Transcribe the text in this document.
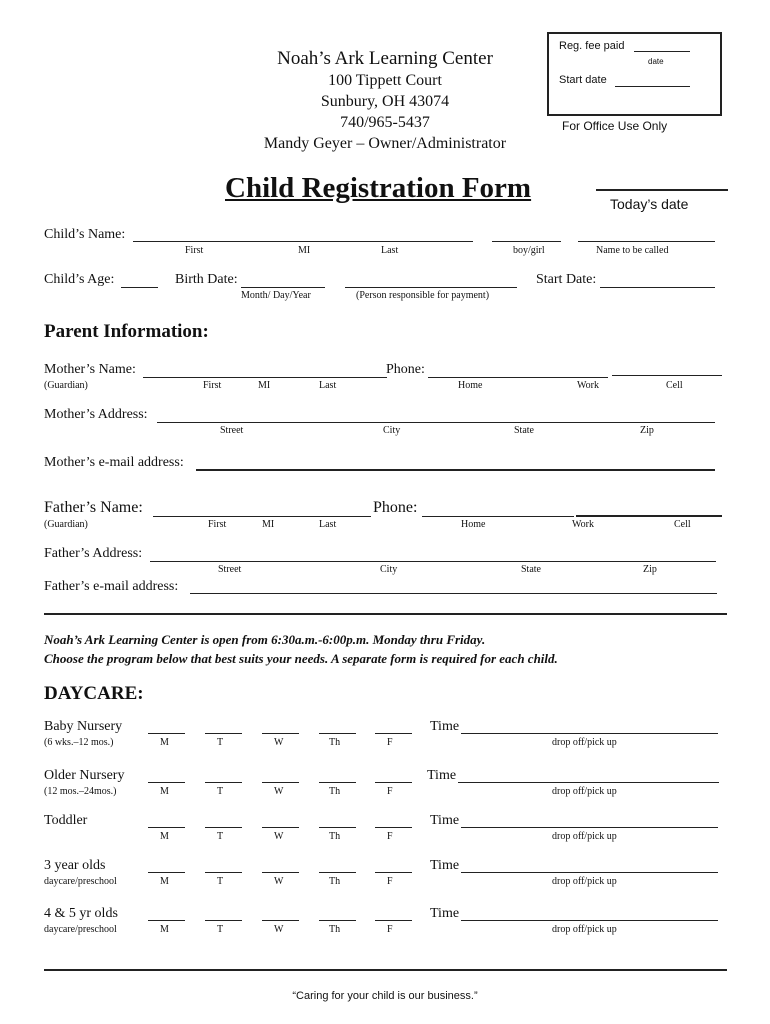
Noah’s Ark Learning Center
100 Tippett Court
Sunbury, OH 43074
740/965-5437
Mandy Geyer – Owner/Administrator
Reg. fee paid
date
Start date
For Office Use Only
Child Registration Form	Today’s date
Child’s Name:
First	MI	Last	boy/girl	Name to be called
Child’s Age:	Birth Date:	Start Date:
Month/ Day/Year	(Person responsible for payment)
Parent Information:
Mother’s Name:	Phone:
(Guardian)	First	MI	Last	Home	Work	Cell
Mother’s Address:
Street	City	State	Zip
Mother’s e-mail address:
Father’s Name:	Phone:
(Guardian)	First	MI	Last	Home	Work	Cell
Father’s Address:
Street	City	State	Zip
Father’s e-mail address:
Noah’s Ark Learning Center is open from 6:30a.m.-6:00p.m. Monday thru Friday.
Choose the program below that best suits your needs. A separate form is required for each child.
DAYCARE:
Baby Nursery
(6 wks.–12 mos.)	M	T	W	Th	F
Time
drop off/pick up
Older Nursery
(12 mos.–24mos.)	M	T	W	Th	F
Time
drop off/pick up
Toddler
M	T	W	Th	F
Time
drop off/pick up
3 year olds
daycare/preschool	M	T	W	Th	F
Time
drop off/pick up
4 & 5 yr olds
daycare/preschool	M	T	W	Th	F
Time
drop off/pick up
“Caring for your child is our business.”
